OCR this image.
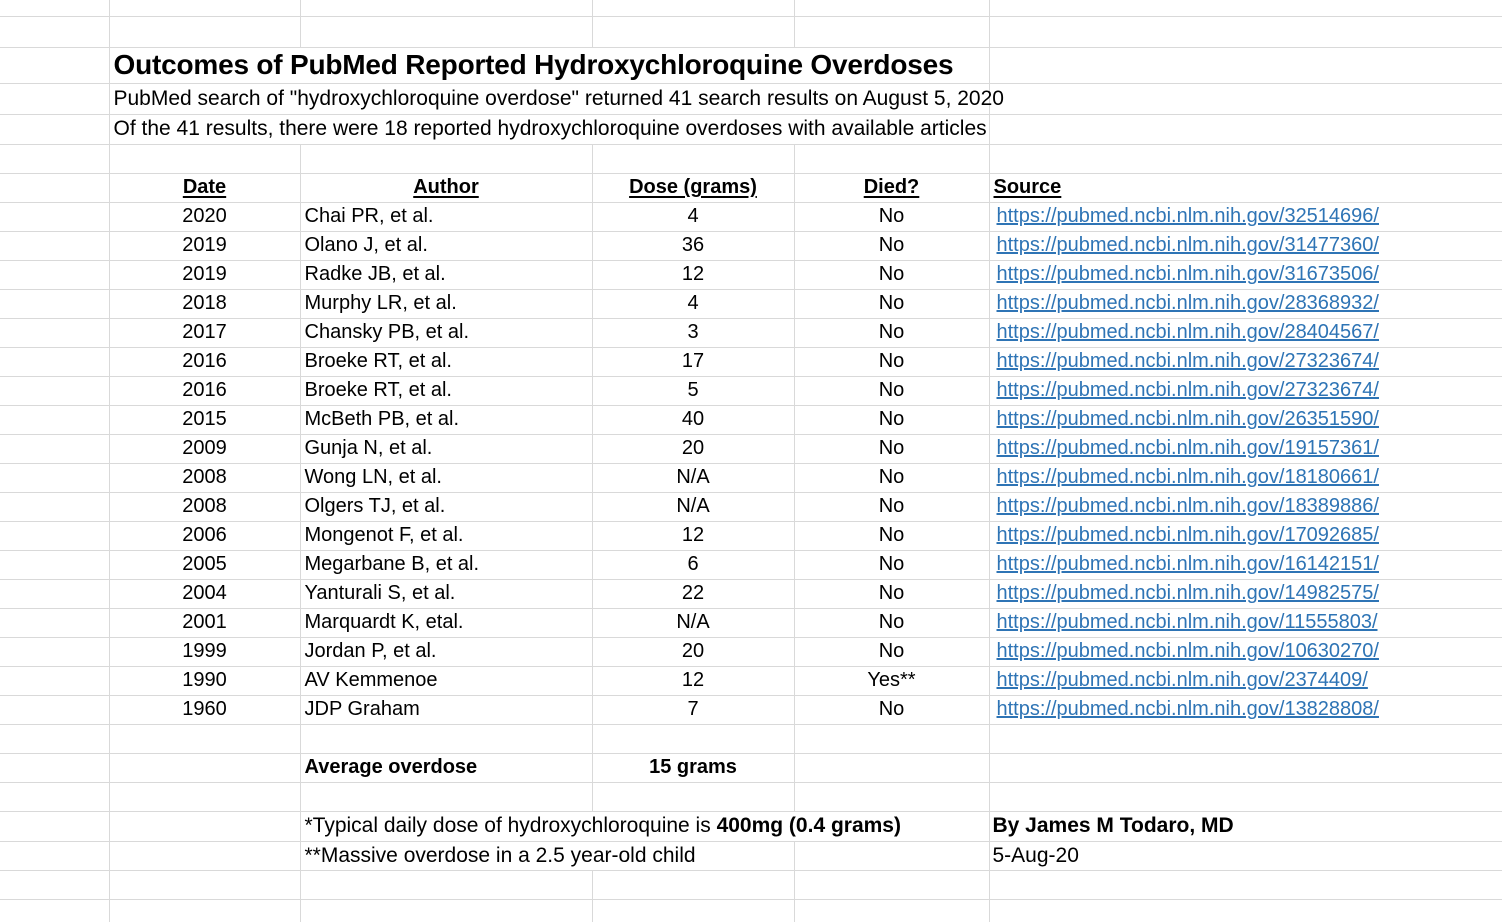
	Outcomes of PubMed Reported Hydroxychloroquine Overdoses				
	PubMed search of "hydroxychloroquine overdose" returned 41 search results on August 5, 2020				
	Of the 41 results, there were 18 reported hydroxychloroquine overdoses with available articles				

	Date	Author	Dose (grams)	Died?	Source
	2020	Chai PR, et al.	4	No	https://pubmed.ncbi.nlm.nih.gov/32514696/
	2019	Olano J, et al.	36	No	https://pubmed.ncbi.nlm.nih.gov/31477360/
	2019	Radke JB, et al.	12	No	https://pubmed.ncbi.nlm.nih.gov/31673506/
	2018	Murphy LR, et al.	4	No	https://pubmed.ncbi.nlm.nih.gov/28368932/
	2017	Chansky PB, et al.	3	No	https://pubmed.ncbi.nlm.nih.gov/28404567/
	2016	Broeke RT, et al.	17	No	https://pubmed.ncbi.nlm.nih.gov/27323674/
	2016	Broeke RT, et al.	5	No	https://pubmed.ncbi.nlm.nih.gov/27323674/
	2015	McBeth PB, et al.	40	No	https://pubmed.ncbi.nlm.nih.gov/26351590/
	2009	Gunja N, et al.	20	No	https://pubmed.ncbi.nlm.nih.gov/19157361/
	2008	Wong LN, et al.	N/A	No	https://pubmed.ncbi.nlm.nih.gov/18180661/
	2008	Olgers TJ, et al.	N/A	No	https://pubmed.ncbi.nlm.nih.gov/18389886/
	2006	Mongenot F, et al.	12	No	https://pubmed.ncbi.nlm.nih.gov/17092685/
	2005	Megarbane B, et al.	6	No	https://pubmed.ncbi.nlm.nih.gov/16142151/
	2004	Yanturali S, et al.	22	No	https://pubmed.ncbi.nlm.nih.gov/14982575/
	2001	Marquardt K, etal.	N/A	No	https://pubmed.ncbi.nlm.nih.gov/11555803/
	1999	Jordan P, et al.	20	No	https://pubmed.ncbi.nlm.nih.gov/10630270/
	1990	AV Kemmenoe	12	Yes**	https://pubmed.ncbi.nlm.nih.gov/2374409/
	1960	JDP Graham	7	No	https://pubmed.ncbi.nlm.nih.gov/13828808/

		Average overdose	15 grams		

		*Typical daily dose of hydroxychloroquine is 400mg (0.4 grams)			By James M Todaro, MD
		**Massive overdose in a 2.5 year-old child			5-Aug-20
